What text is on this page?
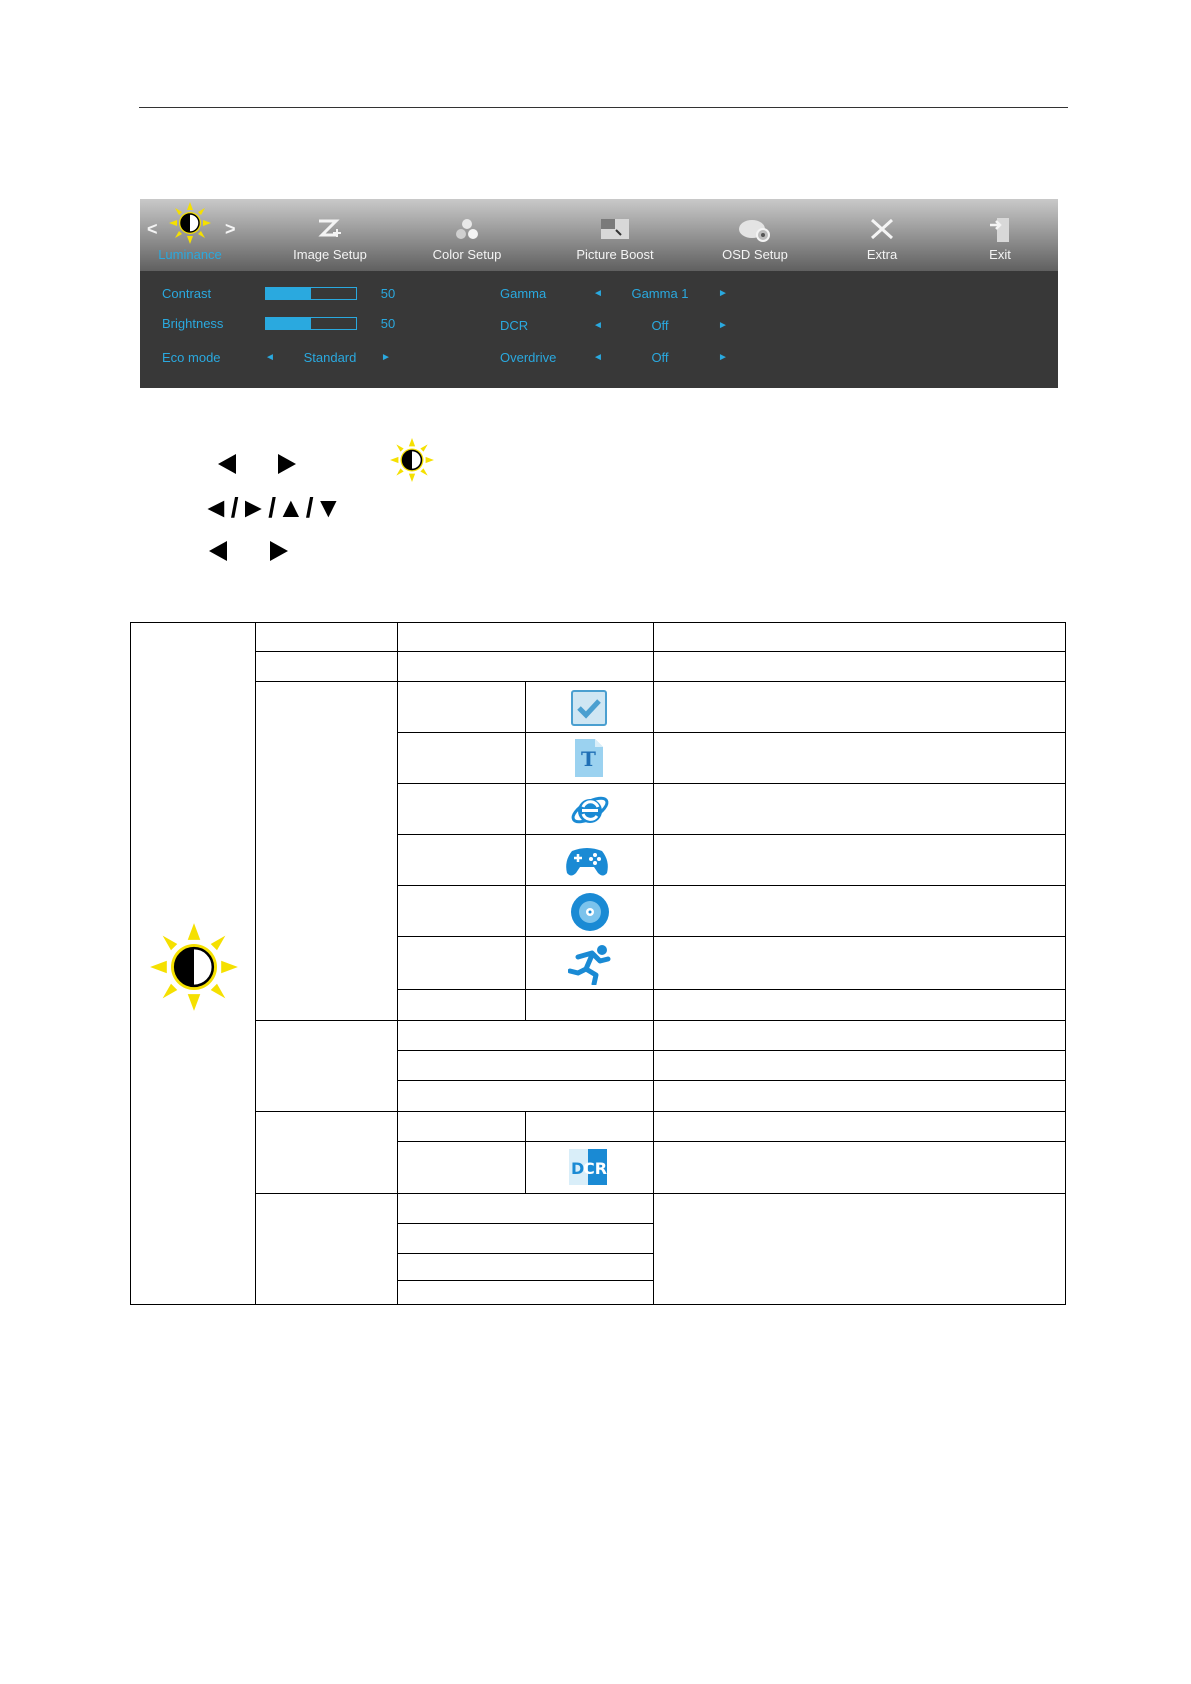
<	>
Luminance	Image Setup	Color Setup	Picture Boost	OSD Setup	Extra	Exit
Contrast	50
Brightness	50
Eco mode	◄	Standard	►
Gamma	◄	Gamma 1	►
DCR	◄	Off	►
Overdrive	◄	Off	►
◄/►/▲/▼
T
D
CR
